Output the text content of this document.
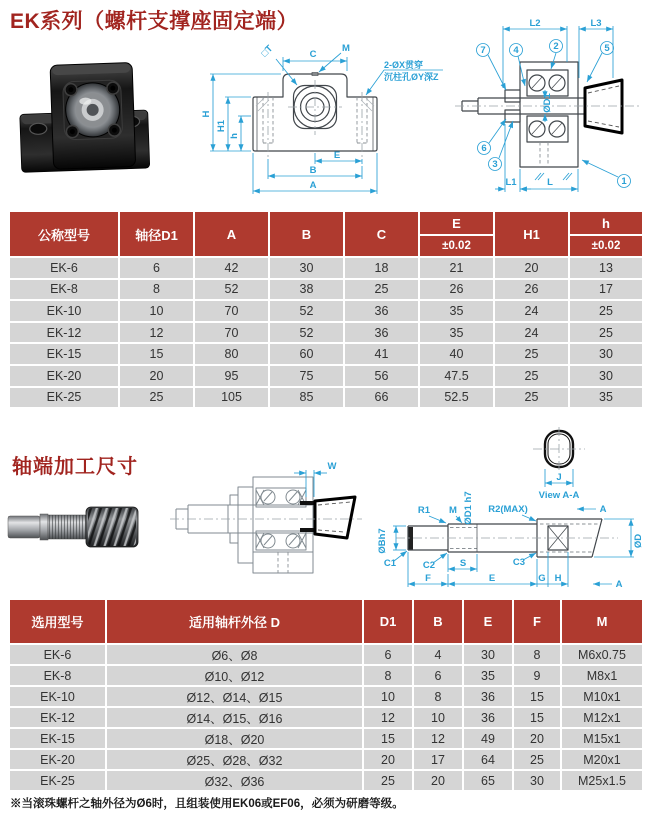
C
M
□T
2-ØX贯穿
沉柱孔ØY深Z
H
H1
h
E
B
A
L2	L3
ØD1
L1	L
7	4	2	5
6
3
1
W
ØBh7
C1	C2	C3
R1 M ØD1 h7 R2(MAX)
S
F	E	G H
ØD
A
A
J
View A-A
EK系列（螺杆支撑座固定端）
公称型号	轴径D1	A	B	C	E	H1	h
					±0.02		±0.02
EK-6	6	42	30	18	21	20	13
EK-8	8	52	38	25	26	26	17
EK-10	10	70	52	36	35	24	25
EK-12	12	70	52	36	35	24	25
EK-15	15	80	60	41	40	25	30
EK-20	20	95	75	56	47.5	25	30
EK-25	25	105	85	66	52.5	25	35
轴端加工尺寸
选用型号	适用轴杆外径 D	D1	B	E	F	M
EK-6	Ø6、Ø8	6	4	30	8	M6x0.75
EK-8	Ø10、Ø12	8	6	35	9	M8x1
EK-10	Ø12、Ø14、Ø15	10	8	36	15	M10x1
EK-12	Ø14、Ø15、Ø16	12	10	36	15	M12x1
EK-15	Ø18、Ø20	15	12	49	20	M15x1
EK-20	Ø25、Ø28、Ø32	20	17	64	25	M20x1
EK-25	Ø32、Ø36	25	20	65	30	M25x1.5
※当滚珠螺杆之轴外径为Ø6时，且组装使用EK06或EF06，必须为研磨等级。
